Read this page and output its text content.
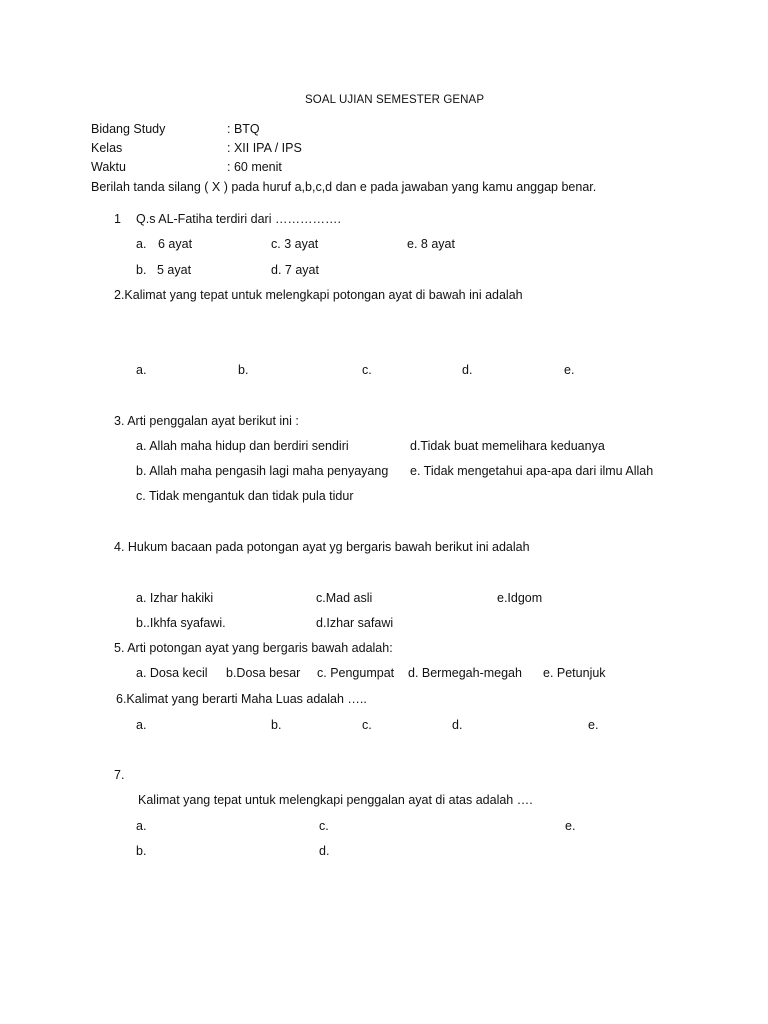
SOAL UJIAN SEMESTER GENAP
Bidang Study	: BTQ
Kelas	: XII IPA / IPS
Waktu	: 60 menit
Berilah tanda silang ( X ) pada huruf a,b,c,d dan e pada jawaban yang kamu anggap benar.
1 Q.s AL-Fatiha terdiri dari …………….
a. 6 ayat	c. 3 ayat	e. 8 ayat
b. 5 ayat	d. 7 ayat
2.Kalimat yang tepat untuk melengkapi potongan ayat di bawah ini adalah
a.	b.	c.	d.	e.
3. Arti penggalan ayat berikut ini :
a. Allah maha hidup dan berdiri sendiri	d.Tidak buat memelihara keduanya
b. Allah maha pengasih lagi maha penyayang e. Tidak mengetahui apa-apa dari ilmu Allah
c. Tidak mengantuk dan tidak pula tidur
4. Hukum bacaan pada potongan ayat yg bergaris bawah berikut ini adalah
a. Izhar hakiki	c.Mad asli	e.Idgom
b..Ikhfa syafawi.	d.Izhar safawi
5. Arti potongan ayat yang bergaris bawah adalah:
a. Dosa kecil b.Dosa besar c. Pengumpat d. Bermegah-megah e. Petunjuk
6.Kalimat yang berarti Maha Luas adalah …..
a.	b.	c.	d.	e.
7.
Kalimat yang tepat untuk melengkapi penggalan ayat di atas adalah ….
a.	c.	e.
b.	d.
